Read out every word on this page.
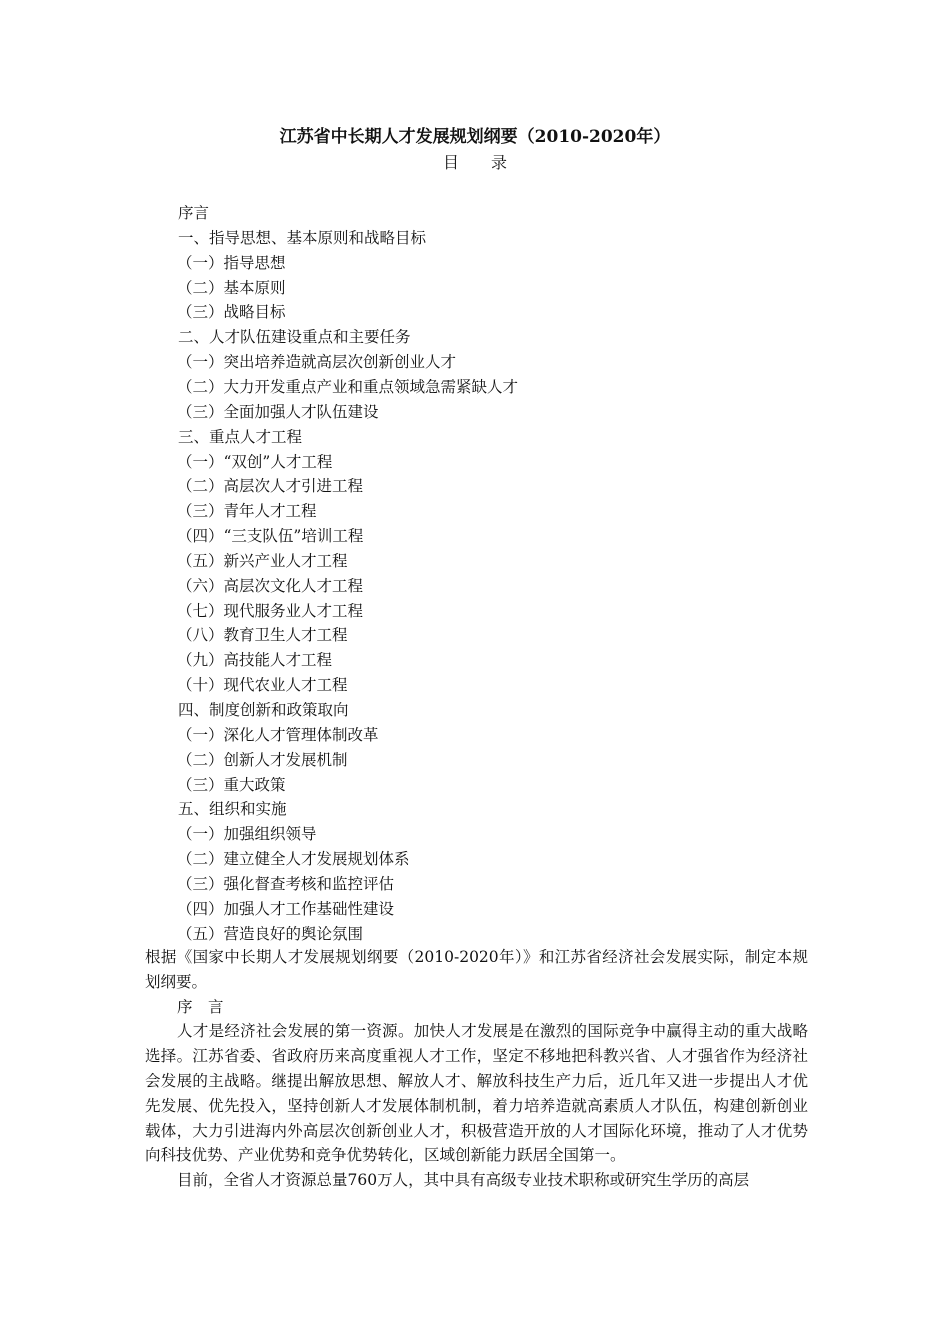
江苏省中长期人才发展规划纲要（2010-2020年）
目　　录
序言
一、指导思想、基本原则和战略目标
（一）指导思想
（二）基本原则
（三）战略目标
二、人才队伍建设重点和主要任务
（一）突出培养造就高层次创新创业人才
（二）大力开发重点产业和重点领域急需紧缺人才
（三）全面加强人才队伍建设
三、重点人才工程
（一）“双创”人才工程
（二）高层次人才引进工程
（三）青年人才工程
（四）“三支队伍”培训工程
（五）新兴产业人才工程
（六）高层次文化人才工程
（七）现代服务业人才工程
（八）教育卫生人才工程
（九）高技能人才工程
（十）现代农业人才工程
四、制度创新和政策取向
（一）深化人才管理体制改革
（二）创新人才发展机制
（三）重大政策
五、组织和实施
（一）加强组织领导
（二）建立健全人才发展规划体系
（三）强化督查考核和监控评估
（四）加强人才工作基础性建设
（五）营造良好的舆论氛围

根据《国家中长期人才发展规划纲要（2010-2020年）》和江苏省经济社会发展实际，制定本规划纲要。

序　言

人才是经济社会发展的第一资源。加快人才发展是在激烈的国际竞争中赢得主动的重大战略选择。江苏省委、省政府历来高度重视人才工作，坚定不移地把科教兴省、人才强省作为经济社会发展的主战略。继提出解放思想、解放人才、解放科技生产力后，近几年又进一步提出人才优先发展、优先投入，坚持创新人才发展体制机制，着力培养造就高素质人才队伍，构建创新创业载体，大力引进海内外高层次创新创业人才，积极营造开放的人才国际化环境，推动了人才优势向科技优势、产业优势和竞争优势转化，区域创新能力跃居全国第一。

目前，全省人才资源总量760万人，其中具有高级专业技术职称或研究生学历的高层
